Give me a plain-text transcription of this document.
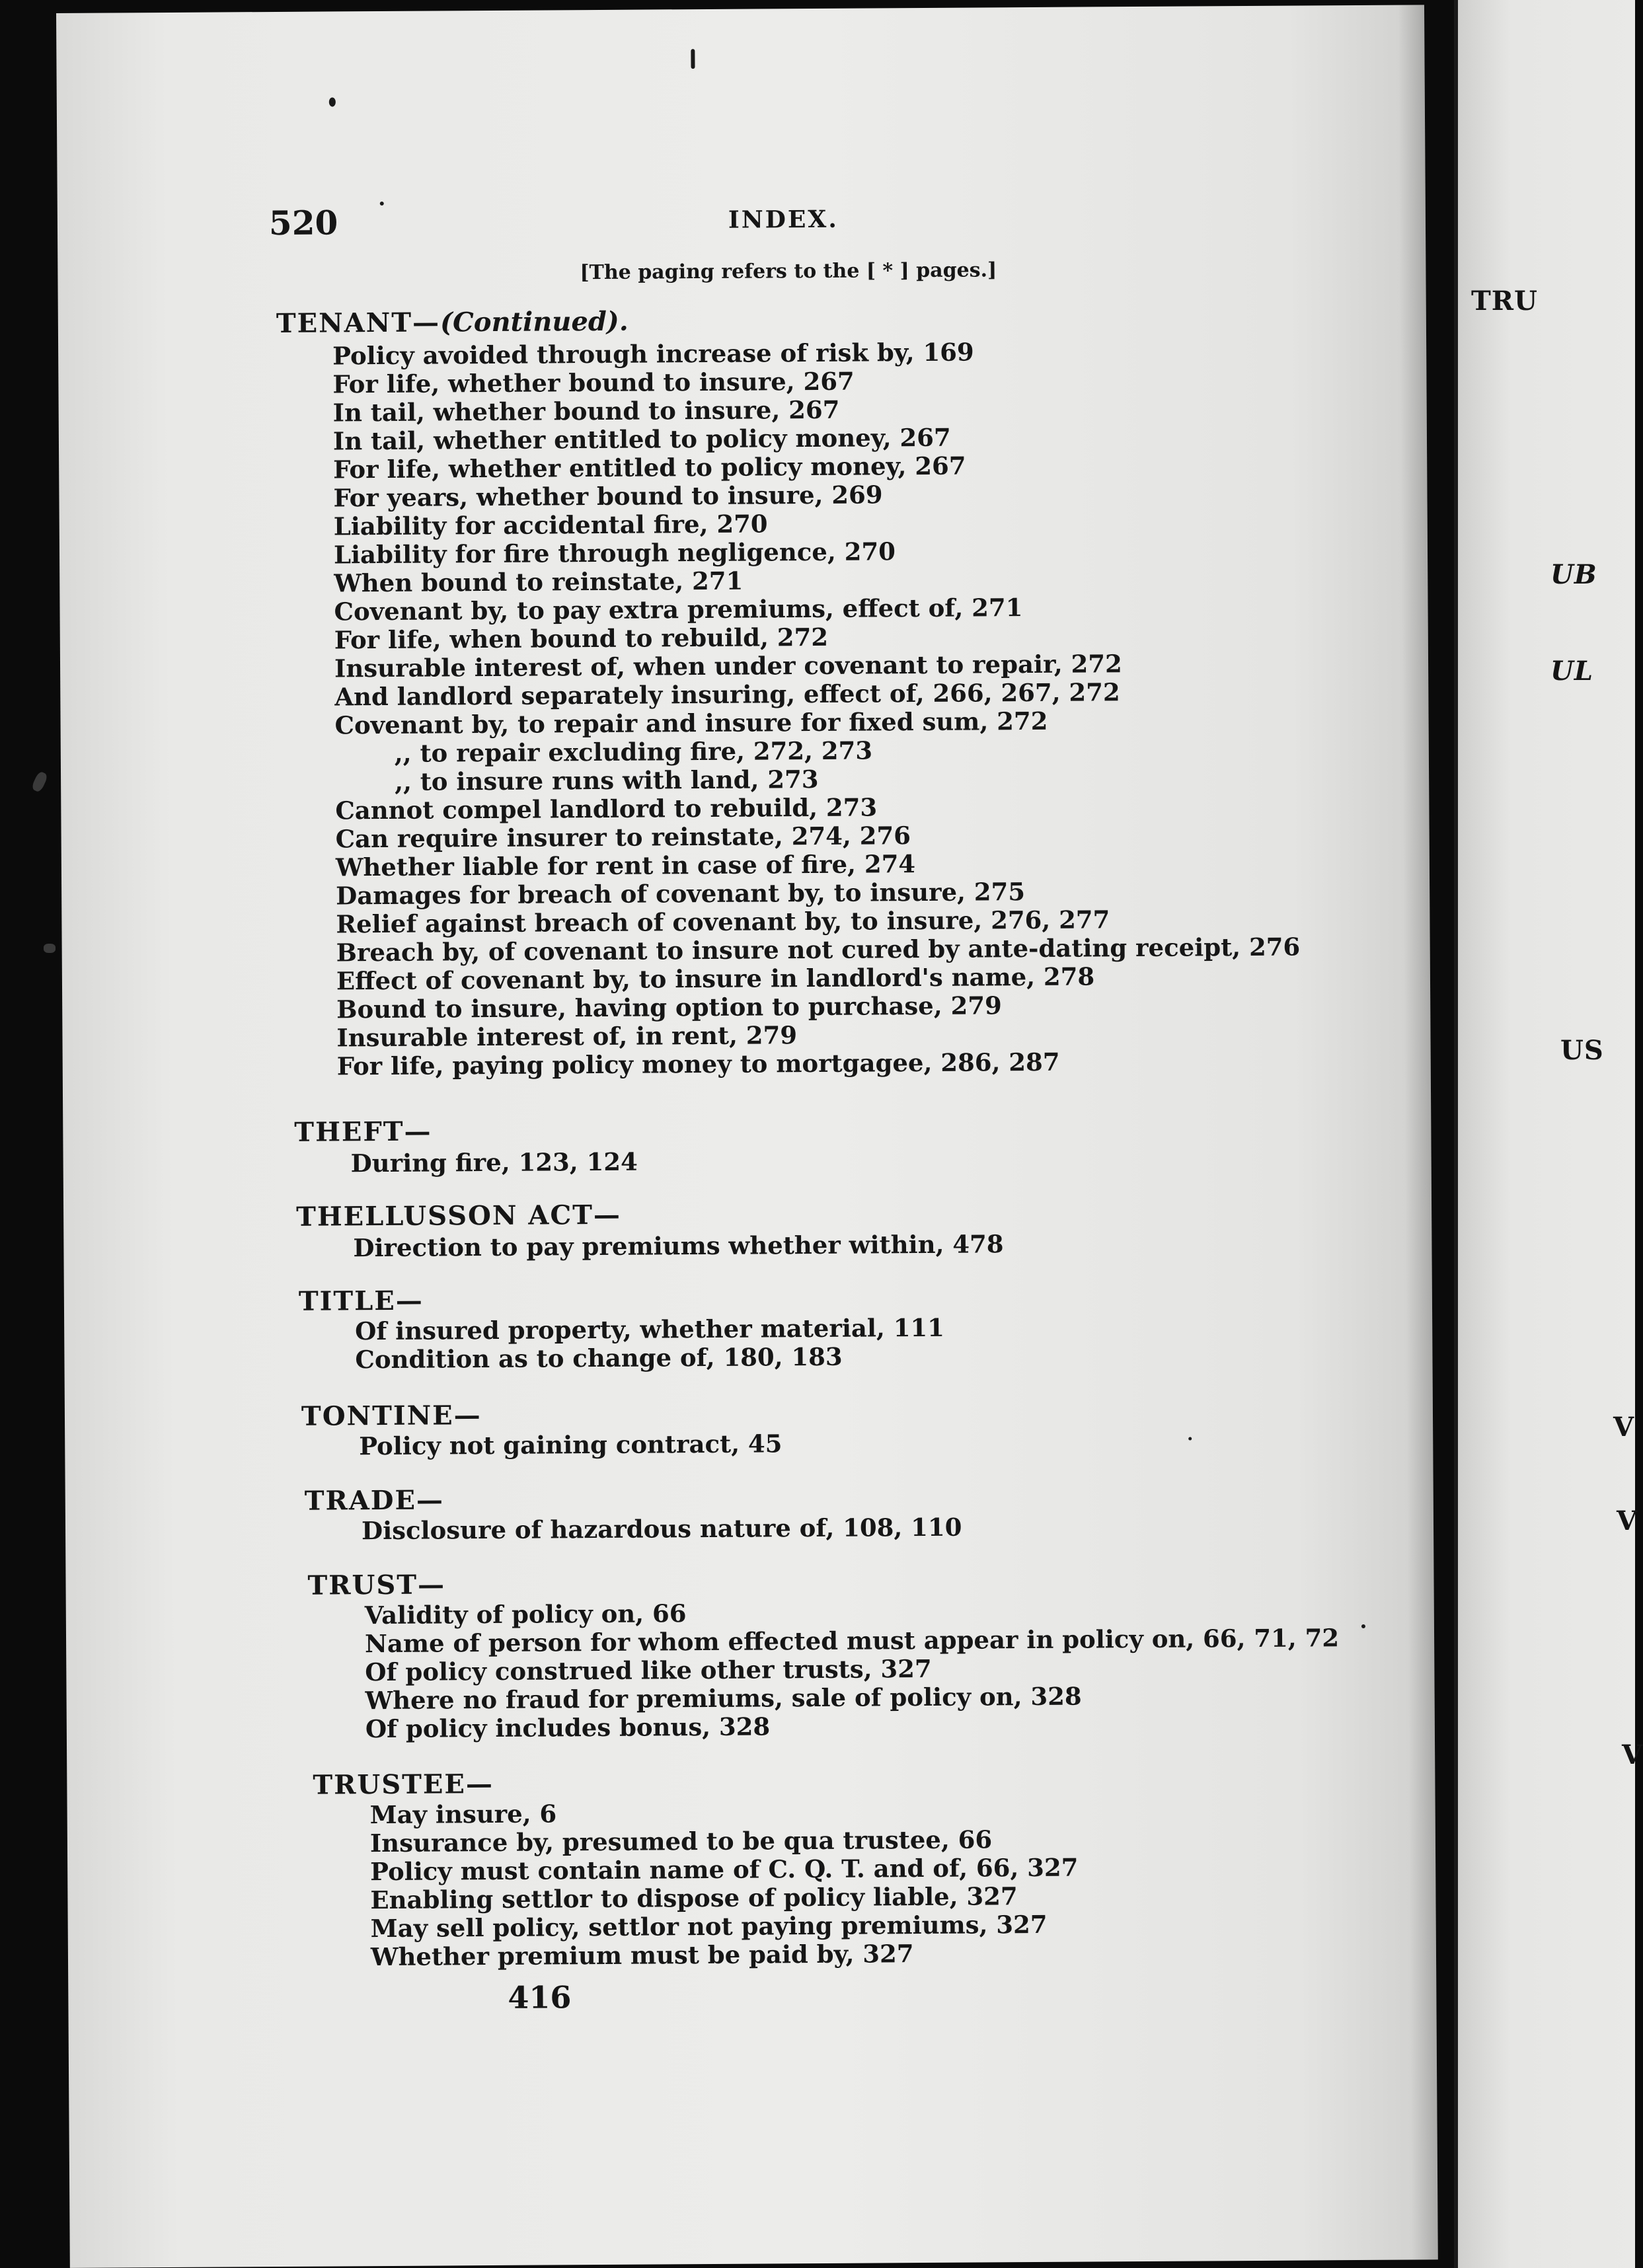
TRU
UB
UL
US
V
V
V
520	INDEX.
[The paging refers to the [ * ] pages.]
TENANT—(Continued).
Policy avoided through increase of risk by, 169
For life, whether bound to insure, 267
In tail, whether bound to insure, 267
In tail, whether entitled to policy money, 267
For life, whether entitled to policy money, 267
For years, whether bound to insure, 269
Liability for accidental fire, 270
Liability for fire through negligence, 270
When bound to reinstate, 271
Covenant by, to pay extra premiums, effect of, 271
For life, when bound to rebuild, 272
Insurable interest of, when under covenant to repair, 272
And landlord separately insuring, effect of, 266, 267, 272
Covenant by, to repair and insure for fixed sum, 272
,, to repair excluding fire, 272, 273
,, to insure runs with land, 273
Cannot compel landlord to rebuild, 273
Can require insurer to reinstate, 274, 276
Whether liable for rent in case of fire, 274
Damages for breach of covenant by, to insure, 275
Relief against breach of covenant by, to insure, 276, 277
Breach by, of covenant to insure not cured by ante-dating receipt, 276
Effect of covenant by, to insure in landlord's name, 278
Bound to insure, having option to purchase, 279
Insurable interest of, in rent, 279
For life, paying policy money to mortgagee, 286, 287
THEFT—
During fire, 123, 124
THELLUSSON ACT—
Direction to pay premiums whether within, 478
TITLE—
Of insured property, whether material, 111
Condition as to change of, 180, 183
TONTINE—
Policy not gaining contract, 45
TRADE—
Disclosure of hazardous nature of, 108, 110
TRUST—
Validity of policy on, 66
Name of person for whom effected must appear in policy on, 66, 71, 72
Of policy construed like other trusts, 327
Where no fraud for premiums, sale of policy on, 328
Of policy includes bonus, 328
TRUSTEE—
May insure, 6
Insurance by, presumed to be qua trustee, 66
Policy must contain name of C. Q. T. and of, 66, 327
Enabling settlor to dispose of policy liable, 327
May sell policy, settlor not paying premiums, 327
Whether premium must be paid by, 327
416
